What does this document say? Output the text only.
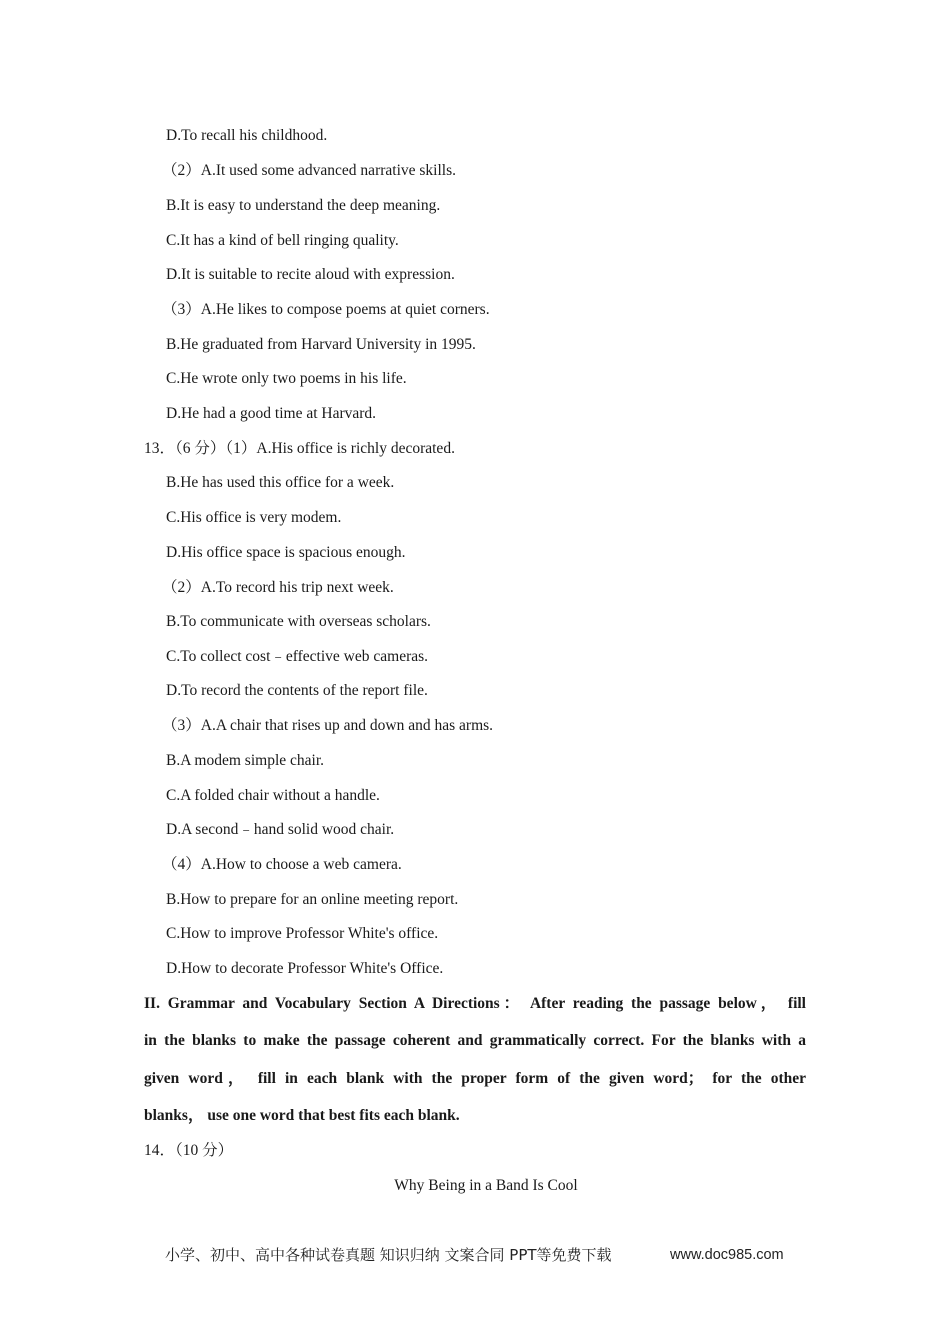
D.To recall his childhood.
（2）A.It used some advanced narrative skills.
B.It is easy to understand the deep meaning.
C.It has a kind of bell ringing quality.
D.It is suitable to recite aloud with expression.
（3）A.He likes to compose poems at quiet corners.
B.He graduated from Harvard University in 1995.
C.He wrote only two poems in his life.
D.He had a good time at Harvard.
13．（6 分）（1）A.His office is richly decorated.
B.He has used this office for a week.
C.His office is very modem.
D.His office space is spacious enough.
（2）A.To record his trip next week.
B.To communicate with overseas scholars.
C.To collect cost﹣effective web cameras.
D.To record the contents of the report file.
（3）A.A chair that rises up and down and has arms.
B.A modem simple chair.
C.A folded chair without a handle.
D.A second﹣hand solid wood chair.
（4）A.How to choose a web camera.
B.How to prepare for an online meeting report.
C.How to improve Professor White's office.
D.How to decorate Professor White's Office.
II. Grammar and Vocabulary Section A Directions： After reading the passage below， fill
in the blanks to make the passage coherent and grammatically correct. For the blanks with a
given word， fill in each blank with the proper form of the given word； for the other
blanks， use one word that best fits each blank.
14．（10 分）
Why Being in a Band Is Cool
小学、初中、高中各种试卷真题 知识归纳 文案合同 PPT等免费下载	www.doc985.com
